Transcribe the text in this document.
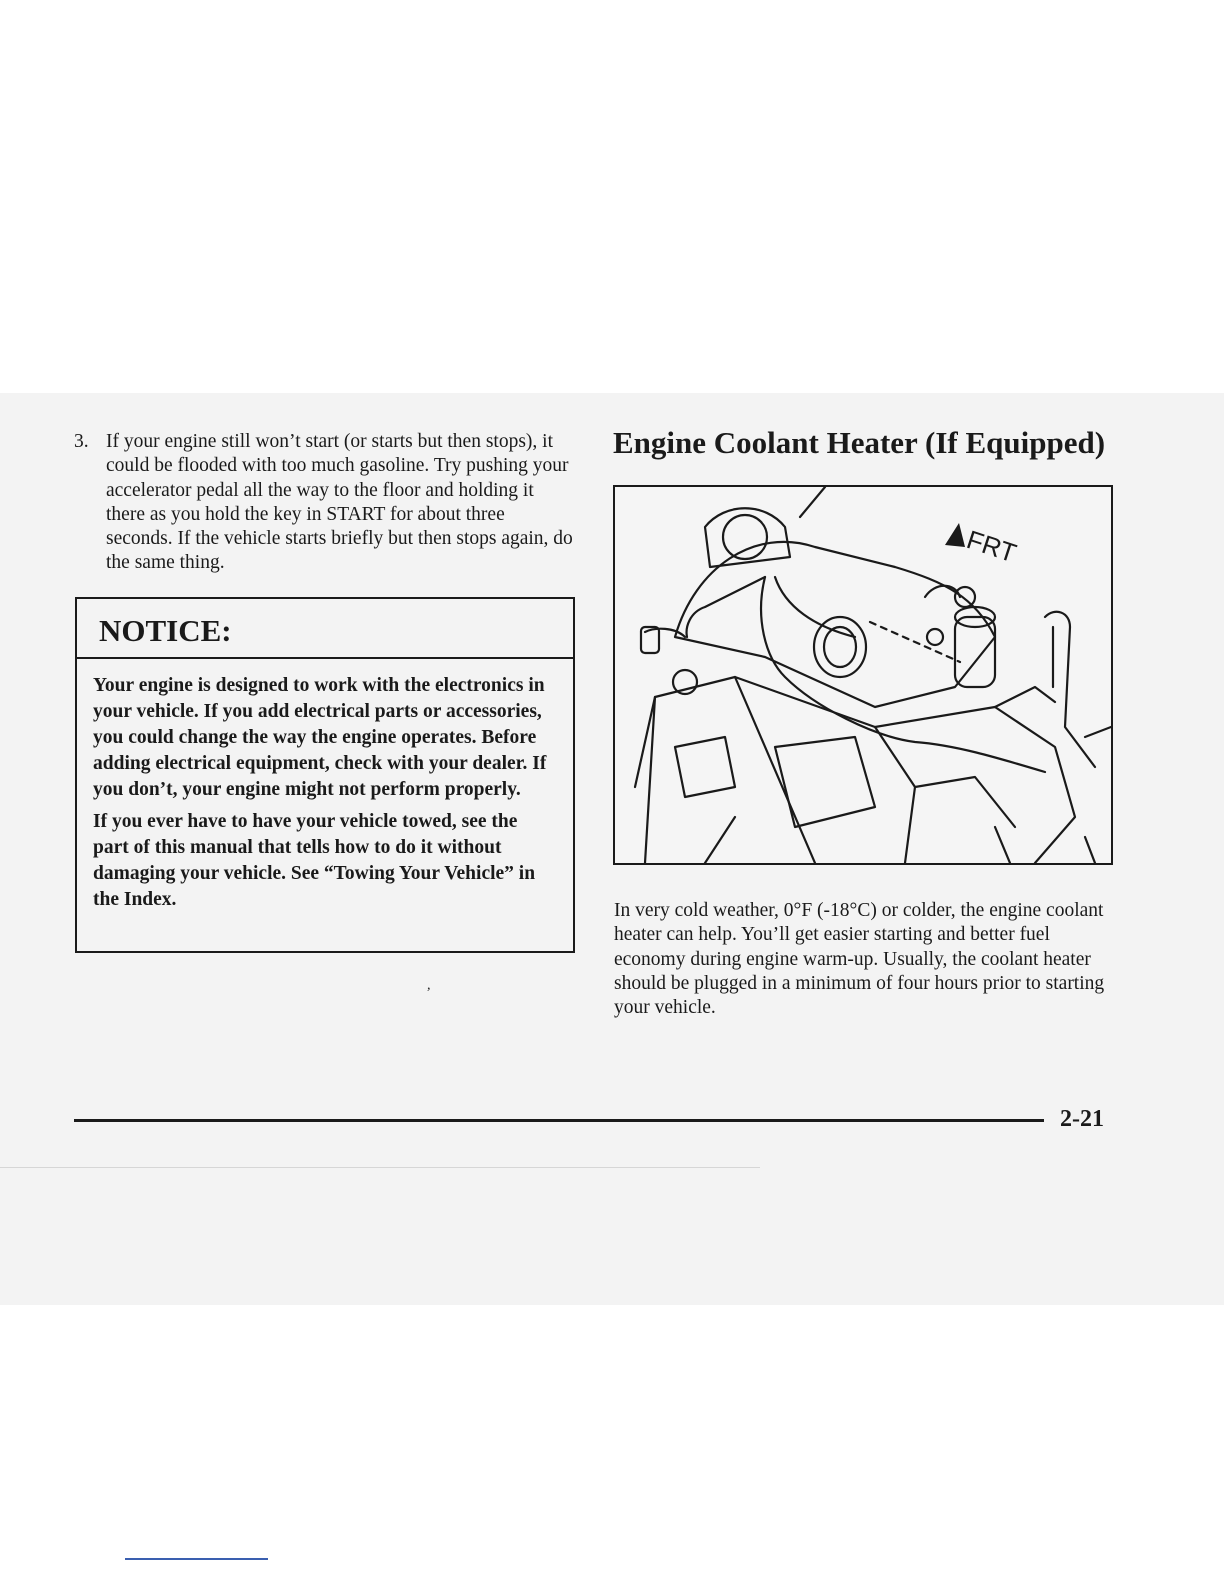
3. If your engine still won’t start (or starts but then stops), it could be flooded with too much gasoline. Try pushing your accelerator pedal all the way to the floor and holding it there as you hold the key in START for about three seconds. If the vehicle starts briefly but then stops again, do the same thing.
NOTICE:

Your engine is designed to work with the electronics in your vehicle. If you add electrical parts or accessories, you could change the way the engine operates. Before adding electrical equipment, check with your dealer. If you don’t, your engine might not perform properly.

If you ever have to have your vehicle towed, see the part of this manual that tells how to do it without damaging your vehicle. See “Towing Your Vehicle” in the Index.

,
Engine Coolant Heater (If Equipped)
FRT

In very cold weather, 0°F (-18°C) or colder, the engine coolant heater can help. You’ll get easier starting and better fuel economy during engine warm-up. Usually, the coolant heater should be plugged in a minimum of four hours prior to starting your vehicle.

2-21
